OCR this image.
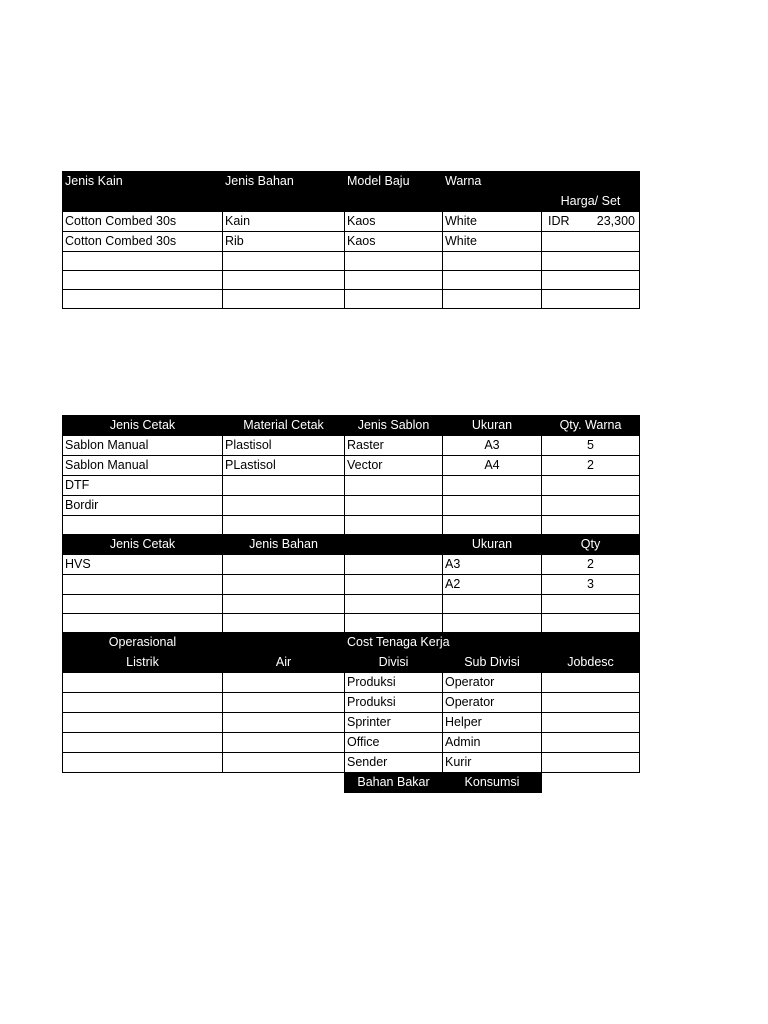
Jenis Kain	Jenis Bahan	Model Baju	Warna	
				Harga/ Set
Cotton Combed 30s	Kain	Kaos	White	IDR 23,300

Cotton Combed 30s	Rib	Kaos	White	

Jenis Cetak	Material Cetak	Jenis Sablon	Ukuran	Qty. Warna
Sablon Manual	Plastisol	Raster	A3	5
Sablon Manual	PLastisol	Vector	A4	2
DTF				
Bordir				

Jenis Cetak	Jenis Bahan		Ukuran	Qty
HVS			A3	2
			A2	3

Operasional		Cost Tenaga Kerja		
Listrik	Air	Divisi	Sub Divisi	Jobdesc
		Produksi	Operator	
		Produksi	Operator	
		Sprinter	Helper	
		Office	Admin	
		Sender	Kurir	
		Bahan Bakar	Konsumsi	
